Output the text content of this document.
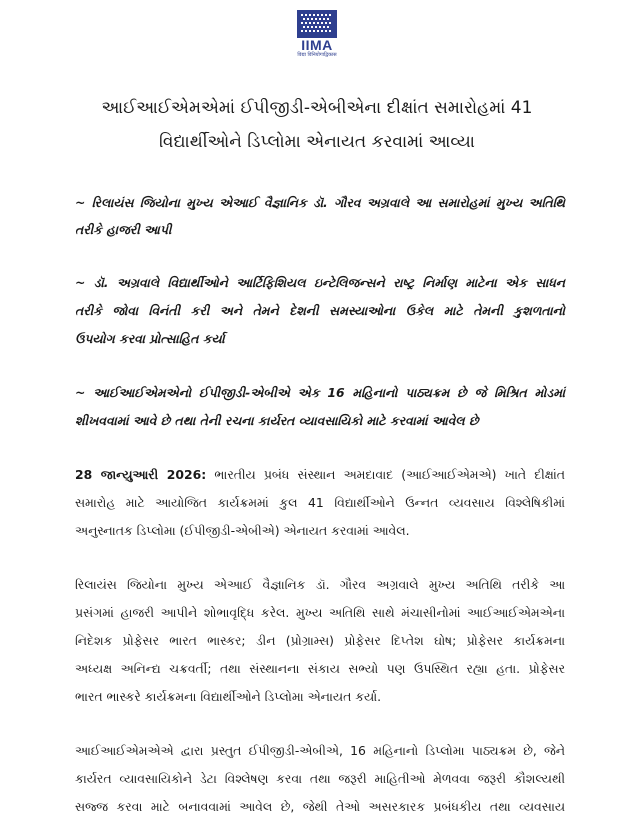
IIMA
विद्या विनियोगाद्विकास
આઈઆઈએમએમાં ઈપીજીડી-એબીએના દીક્ષાંત સમારોહમાં 41
વિદ્યાર્થીઓને ડિપ્લોમા એનાયત કરવામાં આવ્યા

~ રિલાયંસ જિયોના મુખ્ય એઆઈ વૈજ્ઞાનિક ડૉ. ગૌરવ અગ્રવાલે આ સમારોહમાં મુખ્ય અતિથિ

તરીકે હાજરી આપી

~ ડૉ. અગ્રવાલે વિદ્યાર્થીઓને આર્ટિફિશિયલ ઇન્ટેલિજન્સને રાષ્ટ્ર નિર્માણ માટેના એક સાધન

તરીકે જોવા વિનંતી કરી અને તેમને દેશની સમસ્યાઓના ઉકેલ માટે તેમની કુશળતાનો

ઉપયોગ કરવા પ્રોત્સાહિત કર્યા

~ આઈઆઈએમએનો ઈપીજીડી-એબીએ એક 16 મહિનાનો પાઠ્યક્રમ છે જે મિશ્રિત મોડમાં

શીખવવામાં આવે છે તથા તેની રચના કાર્યરત વ્યાવસાયિકો માટે કરવામાં આવેલ છે

28 જાન્યુઆરી 2026: ભારતીય પ્રબંધ સંસ્થાન અમદાવાદ (આઈઆઈએમએ) ખાતે દીક્ષાંત

સમારોહ માટે આયોજિત કાર્યક્રમમાં કુલ 41 વિદ્યાર્થીઓને ઉન્નત વ્યવસાય વિશ્લેષિકીમાં

અનુસ્નાતક ડિપ્લોમા (ઈપીજીડી-એબીએ) એનાયત કરવામાં આવેલ.

રિલાયંસ જિયોના મુખ્ય એઆઈ વૈજ્ઞાનિક ડૉ. ગૌરવ અગ્રવાલે મુખ્ય અતિથિ તરીકે આ

પ્રસંગમાં હાજરી આપીને શોભાવૃદ્ધિ કરેલ. મુખ્ય અતિથિ સાથે મંચાસીનોમાં આઈઆઈએમએના

નિદેશક પ્રોફેસર ભારત ભાસ્કર; ડીન (પ્રોગ્રામ્સ) પ્રોફેસર દિપ્તેશ ઘોષ; પ્રોફેસર કાર્યક્રમના

અધ્યક્ષ અનિન્દ્ય ચક્રવર્તી; તથા સંસ્થાનના સંકાય સભ્યો પણ ઉપસ્થિત રહ્યા હતા. પ્રોફેસર

ભારત ભાસ્કરે કાર્યક્રમના વિદ્યાર્થીઓને ડિપ્લોમા એનાયત કર્યા.

આઈઆઈએમએએ દ્વારા પ્રસ્તુત ઈપીજીડી-એબીએ, 16 મહિનાનો ડિપ્લોમા પાઠ્યક્રમ છે, જેને

કાર્યરત વ્યાવસાયિકોને ડેટા વિશ્લેષણ કરવા તથા જરૂરી માહિતીઓ મેળવવા જરૂરી કૌશલ્યથી

સજ્જ કરવા માટે બનાવવામાં આવેલ છે, જેથી તેઓ અસરકારક પ્રબંધકીય તથા વ્યવસાય
